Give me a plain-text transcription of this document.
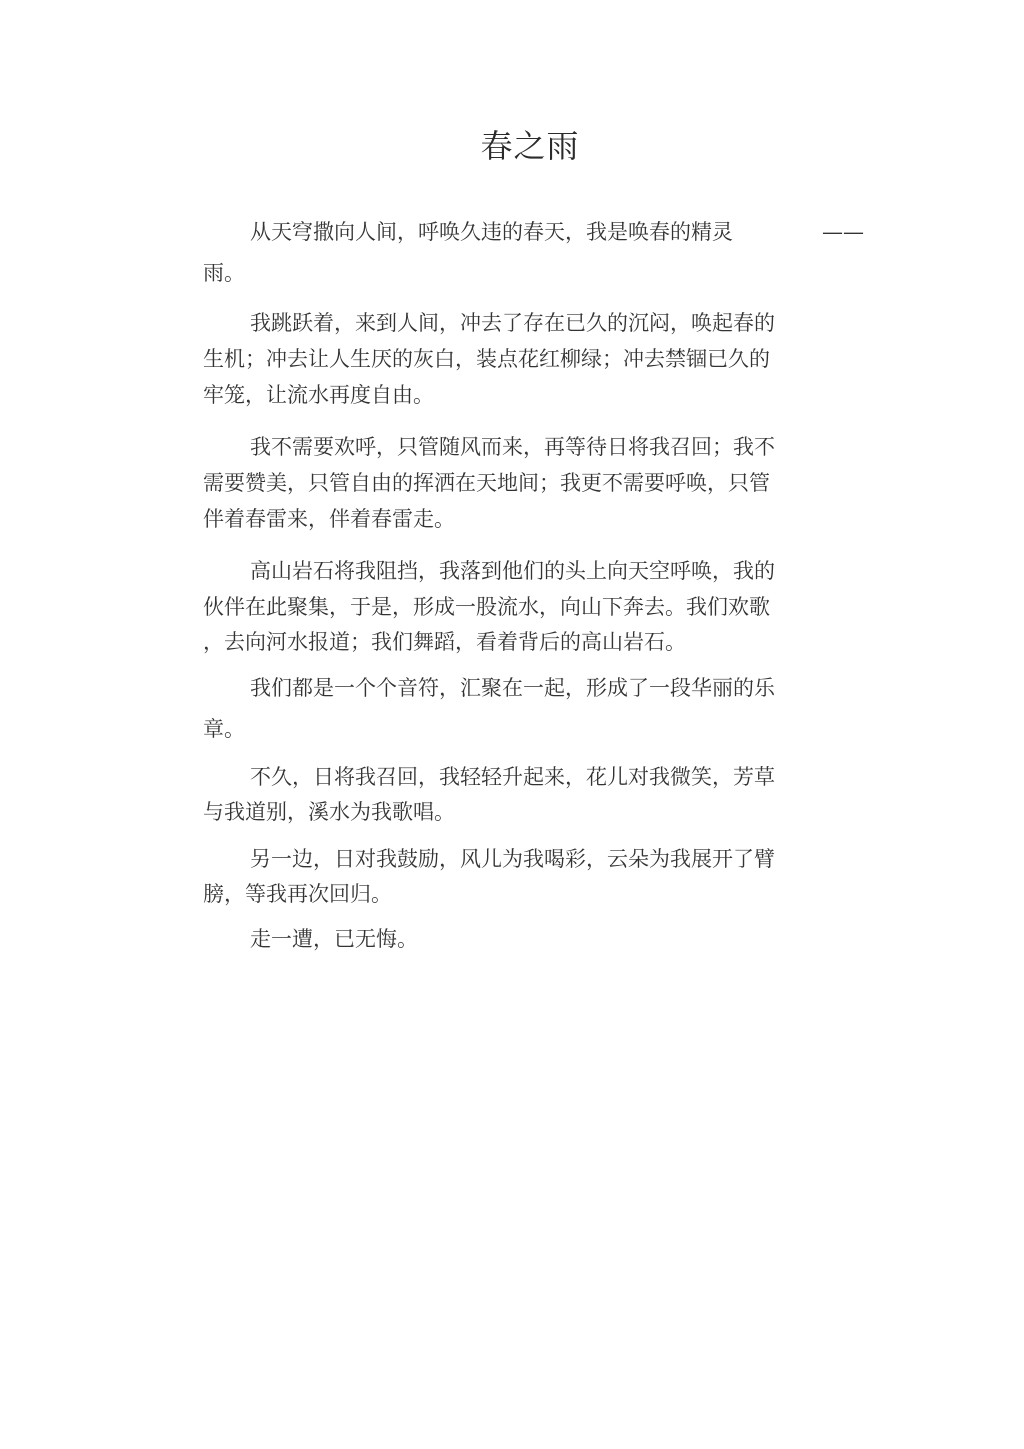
春之雨
从天穹撒向人间，呼唤久违的春天，我是唤春的精灵	——
雨。
我跳跃着，来到人间，冲去了存在已久的沉闷，唤起春的
生机；冲去让人生厌的灰白，装点花红柳绿；冲去禁锢已久的
牢笼，让流水再度自由。
我不需要欢呼，只管随风而来，再等待日将我召回；我不
需要赞美，只管自由的挥洒在天地间；我更不需要呼唤，只管
伴着春雷来，伴着春雷走。
高山岩石将我阻挡，我落到他们的头上向天空呼唤，我的
伙伴在此聚集，于是，形成一股流水，向山下奔去。我们欢歌
，去向河水报道；我们舞蹈，看着背后的高山岩石。
我们都是一个个音符，汇聚在一起，形成了一段华丽的乐
章。
不久，日将我召回，我轻轻升起来，花儿对我微笑，芳草
与我道别，溪水为我歌唱。
另一边，日对我鼓励，风儿为我喝彩，云朵为我展开了臂
膀，等我再次回归。
走一遭，已无悔。
